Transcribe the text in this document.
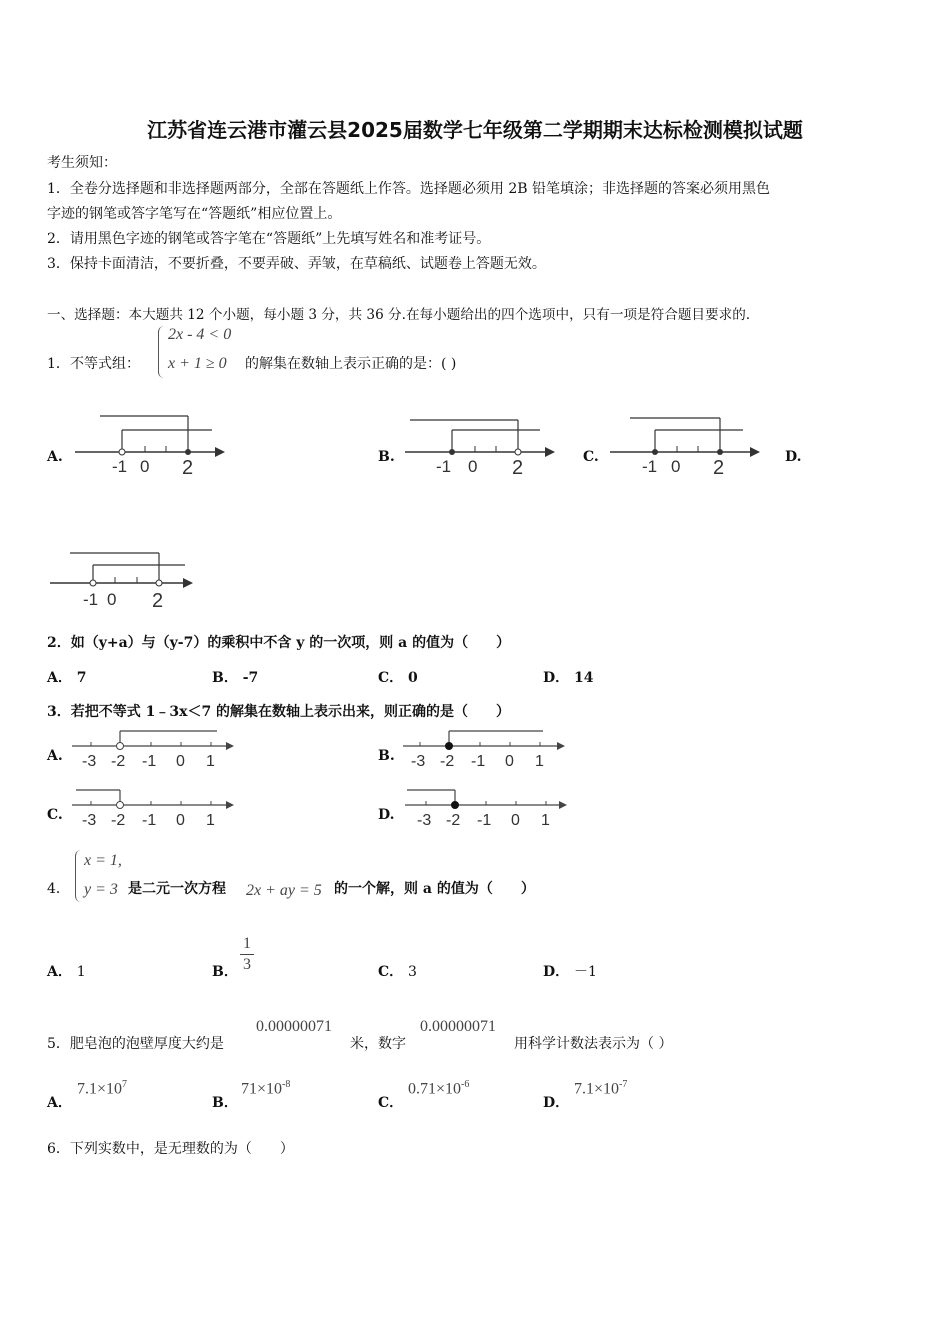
江苏省连云港市灌云县2025届数学七年级第二学期期末达标检测模拟试题
考生须知：
1．全卷分选择题和非选择题两部分，全部在答题纸上作答。选择题必须用 2B 铅笔填涂；非选择题的答案必须用黑色
字迹的钢笔或答字笔写在“答题纸”相应位置上。
2．请用黑色字迹的钢笔或答字笔在“答题纸”上先填写姓名和准考证号。
3．保持卡面清洁，不要折叠，不要弄破、弄皱，在草稿纸、试题卷上答题无效。
一、选择题：本大题共 12 个小题，每小题 3 分，共 36 分.在每小题给出的四个选项中，只有一项是符合题目要求的.
1． 不等式组：
2x - 4 < 0
x + 1 ≥ 0 的解集在数轴上表示正确的是：( )
A.	-1 0 2	B. -1 0 2	C.	-1 0 2	D.
-1 0 2
2．如（y+a）与（y-7）的乘积中不含 y 的一次项，则 a 的值为（　　）
A． 7	B． -7	C． 0	D． 14
3．若把不等式 1﹣3x＜7 的解集在数轴上表示出来，则正确的是（　　）
A. -3 -2 -1 0 1	B. -3 -2 -1 0 1
C. -3 -2 -1 0 1	D. -3 -2 -1 0 1
4．
x = 1,
y = 3 是二元一次方程 2x + ay = 5 的一个解，则 a 的值为（　　）
A． 1	B． $\frac{1}{3}$	C． 3	D． －1
5．肥皂泡的泡壁厚度大约是
0.00000071
米，数字
0.00000071
用科学计数法表示为（ ）
A．
$7.1\times 10^7$
B．
$71\times 10^{-8}$
C．
$0.71\times 10^{-6}$
D．
$7.1\times 10^{-7}$
6．下列实数中，是无理数的为（　　）
